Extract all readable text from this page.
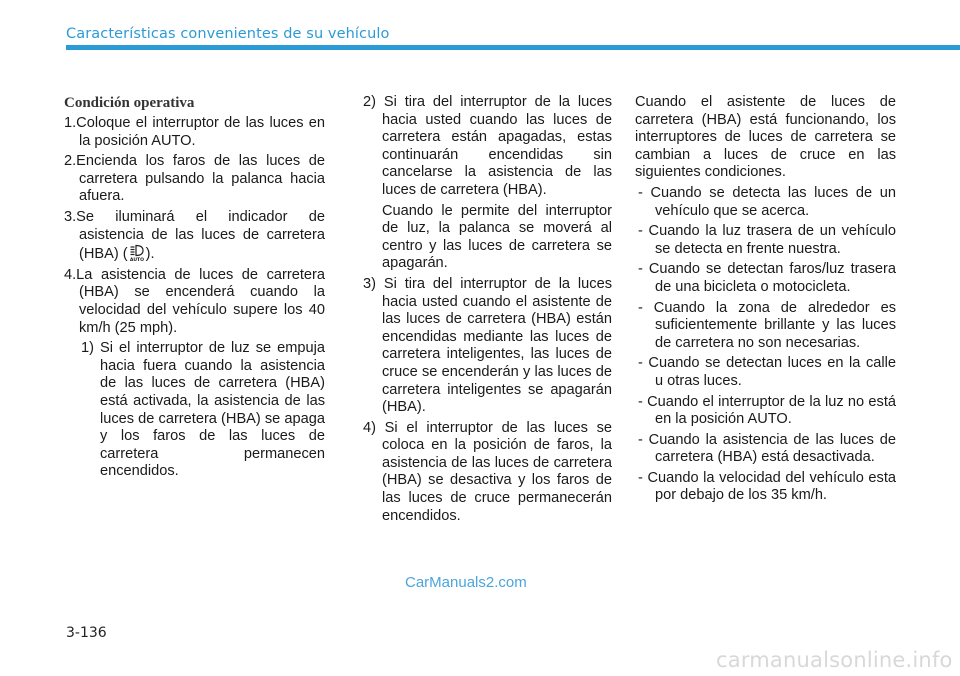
Características convenientes de su vehículo
Condición operativa

1.Coloque el interruptor de las luces en la posición AUTO.

2.Encienda los faros de las luces de carretera pulsando la palanca hacia afuera.

3.Se iluminará el indicador de asistencia de las luces de carretera (HBA) ( AUTO ).

4.La asistencia de luces de carretera (HBA) se encenderá cuando la velocidad del vehículo supere los 40 km/h (25 mph).

1) Si el interruptor de luz se empuja hacia fuera cuando la asistencia de las luces de carretera (HBA) está activada, la asistencia de las luces de carretera (HBA) se apaga y los faros de las luces de carretera permanecen encendidos.

2) Si tira del interruptor de la luces hacia usted cuando las luces de carretera están apagadas, estas continuarán encendidas sin cancelarse la asistencia de las luces de carretera (HBA).

Cuando le permite del interruptor de luz, la palanca se moverá al centro y las luces de carretera se apagarán.

3) Si tira del interruptor de la luces hacia usted cuando el asistente de las luces de carretera (HBA) están encendidas mediante las luces de carretera inteligentes, las luces de cruce se encenderán y las luces de carretera inteligentes se apagarán (HBA).

4) Si el interruptor de las luces se coloca en la posición de faros, la asistencia de las luces de carretera (HBA) se desactiva y los faros de las luces de cruce permanecerán encendidos.

Cuando el asistente de luces de carretera (HBA) está funcionando, los interruptores de luces de carretera se cambian a luces de cruce en las siguientes condiciones.

- Cuando se detecta las luces de un vehículo que se acerca.

- Cuando la luz trasera de un vehículo se detecta en frente nuestra.

- Cuando se detectan faros/luz trasera de una bicicleta o motocicleta.

- Cuando la zona de alrededor es suficientemente brillante y las luces de carretera no son necesarias.

- Cuando se detectan luces en la calle u otras luces.

- Cuando el interruptor de la luz no está en la posición AUTO.

- Cuando la asistencia de las luces de carretera (HBA) está desactivada.

- Cuando la velocidad del vehículo esta por debajo de los 35 km/h.

CarManuals2.com
3-136
carmanualsonline.info
